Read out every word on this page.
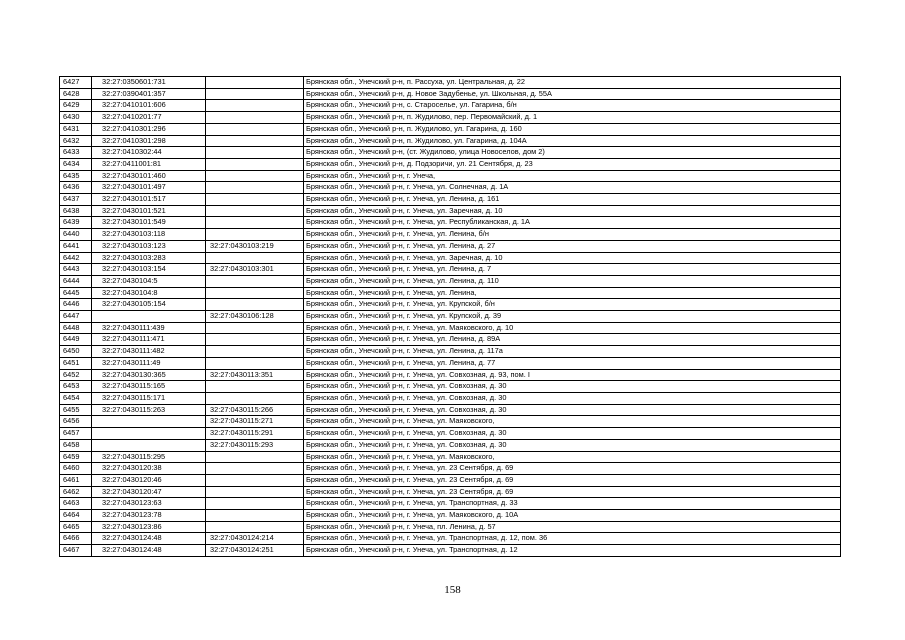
6427	32:27:0350601:731		Брянская обл., Унечский р-н, п. Рассуха, ул. Центральная, д. 22
6428	32:27:0390401:357		Брянская обл., Унечский р-н, д. Новое Задубенье, ул. Школьная, д. 55А
6429	32:27:0410101:606		Брянская обл., Унечский р-н, с. Староселье, ул. Гагарина, б/н
6430	32:27:0410201:77		Брянская обл., Унечский р-н, п. Жудилово, пер. Первомайский, д. 1
6431	32:27:0410301:296		Брянская обл., Унечский р-н, п. Жудилово, ул. Гагарина, д. 160
6432	32:27:0410301:298		Брянская обл., Унечский р-н, п. Жудилово, ул. Гагарина, д. 104А
6433	32:27:0410302:44		Брянская обл., Унечский р-н, (ст. Жудилово, улица Новоселов, дом 2)
6434	32:27:0411001:81		Брянская обл., Унечский р-н, д. Подзоричи, ул. 21 Сентября, д. 23
6435	32:27:0430101:460		Брянская обл., Унечский р-н, г. Унеча,
6436	32:27:0430101:497		Брянская обл., Унечский р-н, г. Унеча, ул. Солнечная, д. 1А
6437	32:27:0430101:517		Брянская обл., Унечский р-н, г. Унеча, ул. Ленина, д. 161
6438	32:27:0430101:521		Брянская обл., Унечский р-н, г. Унеча, ул. Заречная, д. 10
6439	32:27:0430101:549		Брянская обл., Унечский р-н, г. Унеча, ул. Республиканская, д. 1А
6440	32:27:0430103:118		Брянская обл., Унечский р-н, г. Унеча, ул. Ленина, б/н
6441	32:27:0430103:123	32:27:0430103:219	Брянская обл., Унечский р-н, г. Унеча, ул. Ленина, д. 27
6442	32:27:0430103:283		Брянская обл., Унечский р-н, г. Унеча, ул. Заречная, д. 10
6443	32:27:0430103:154	32:27:0430103:301	Брянская обл., Унечский р-н, г. Унеча, ул. Ленина, д. 7
6444	32:27:0430104:5		Брянская обл., Унечский р-н, г. Унеча, ул. Ленина, д. 110
6445	32:27:0430104:8		Брянская обл., Унечский р-н, г. Унеча, ул. Ленина,
6446	32:27:0430105:154		Брянская обл., Унечский р-н, г. Унеча, ул. Крупской, б/н
6447		32:27:0430106:128	Брянская обл., Унечский р-н, г. Унеча, ул. Крупской, д. 39
6448	32:27:0430111:439		Брянская обл., Унечский р-н, г. Унеча, ул. Маяковского, д. 10
6449	32:27:0430111:471		Брянская обл., Унечский р-н, г. Унеча, ул. Ленина, д. 89А
6450	32:27:0430111:482		Брянская обл., Унечский р-н, г. Унеча, ул. Ленина, д. 117а
6451	32:27:0430111:49		Брянская обл., Унечский р-н, г. Унеча, ул. Ленина, д. 77
6452	32:27:0430130:365	32:27:0430113:351	Брянская обл., Унечский р-н, г. Унеча, ул. Совхозная, д. 93, пом. I
6453	32:27:0430115:165		Брянская обл., Унечский р-н, г. Унеча, ул. Совхозная, д. 30
6454	32:27:0430115:171		Брянская обл., Унечский р-н, г. Унеча, ул. Совхозная, д. 30
6455	32:27:0430115:263	32:27:0430115:266	Брянская обл., Унечский р-н, г. Унеча, ул. Совхозная, д. 30
6456		32:27:0430115:271	Брянская обл., Унечский р-н, г. Унеча, ул. Маяковского,
6457		32:27:0430115:291	Брянская обл., Унечский р-н, г. Унеча, ул. Совхозная, д. 30
6458		32:27:0430115:293	Брянская обл., Унечский р-н, г. Унеча, ул. Совхозная, д. 30
6459	32:27:0430115:295		Брянская обл., Унечский р-н, г. Унеча, ул. Маяковского,
6460	32:27:0430120:38		Брянская обл., Унечский р-н, г. Унеча, ул. 23 Сентября, д. 69
6461	32:27:0430120:46		Брянская обл., Унечский р-н, г. Унеча, ул. 23 Сентября, д. 69
6462	32:27:0430120:47		Брянская обл., Унечский р-н, г. Унеча, ул. 23 Сентября, д. 69
6463	32:27:0430123:63		Брянская обл., Унечский р-н, г. Унеча, ул. Транспортная, д. 33
6464	32:27:0430123:78		Брянская обл., Унечский р-н, г. Унеча, ул. Маяковского, д. 10А
6465	32:27:0430123:86		Брянская обл., Унечский р-н, г. Унеча, пл. Ленина, д. 57
6466	32:27:0430124:48	32:27:0430124:214	Брянская обл., Унечский р-н, г. Унеча, ул. Транспортная, д. 12, пом. 36
6467	32:27:0430124:48	32:27:0430124:251	Брянская обл., Унечский р-н, г. Унеча, ул. Транспортная, д. 12
158
